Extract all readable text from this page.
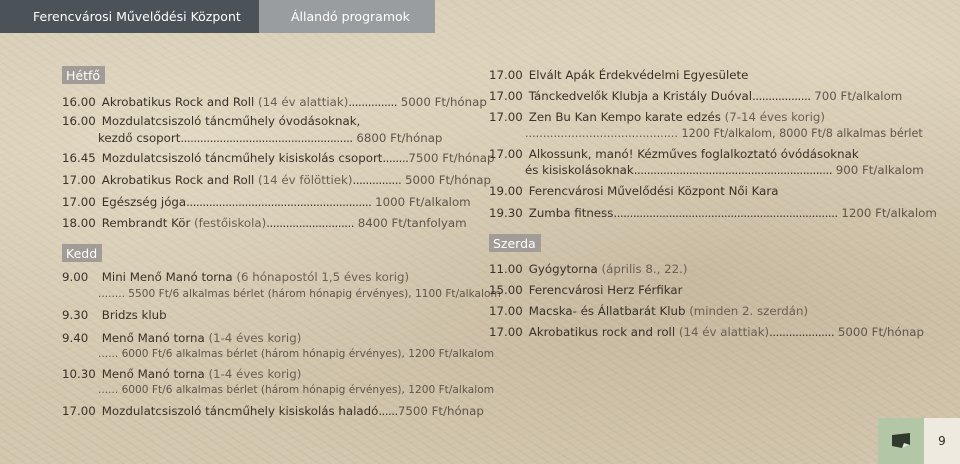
Ferencvárosi Művelődési Központ	Állandó programok
Hétfő
16.00 Akrobatikus Rock and Roll (14 év alattiak)............... 5000 Ft/hónap
16.00 Mozdulatcsiszoló táncműhely óvodásoknak,
kezdő csoport..................................................... 6800 Ft/hónap
16.45 Mozdulatcsiszoló táncműhely kisiskolás csoport........7500 Ft/hónap
17.00 Akrobatikus Rock and Roll (14 év fölöttiek)............... 5000 Ft/hónap
17.00 Egészség jóga......................................................... 1000 Ft/alkalom
18.00 Rembrandt Kör (festőiskola)........................... 8400 Ft/tanfolyam
Kedd
9.00 Mini Menő Manó torna (6 hónapostól 1,5 éves korig)
........ 5500 Ft/6 alkalmas bérlet (három hónapig érvényes), 1100 Ft/alkalom
9.30 Bridzs klub
9.40 Menő Manó torna (1-4 éves korig)
...... 6000 Ft/6 alkalmas bérlet (három hónapig érvényes), 1200 Ft/alkalom
10.30 Menő Manó torna (1-4 éves korig)
...... 6000 Ft/6 alkalmas bérlet (három hónapig érvényes), 1200 Ft/alkalom
17.00 Mozdulatcsiszoló táncműhely kisiskolás haladó......7500 Ft/hónap
17.00 Elvált Apák Érdekvédelmi Egyesülete
17.00 Tánckedvelők Klubja a Kristály Duóval.................. 700 Ft/alkalom
17.00 Zen Bu Kan Kempo karate edzés (7-14 éves korig)
........................................... 1200 Ft/alkalom, 8000 Ft/8 alkalmas bérlet
17.00 Alkossunk, manó! Kézműves foglalkoztató óvódásoknak
és kisiskolásoknak............................................................. 900 Ft/alkalom
19.00 Ferencvárosi Művelődési Központ Női Kara
19.30 Zumba fitness..................................................................... 1200 Ft/alkalom
Szerda
11.00 Gyógytorna (április 8., 22.)
15.00 Ferencvárosi Herz Férfikar
17.00 Macska- és Állatbarát Klub (minden 2. szerdán)
17.00 Akrobatikus rock and roll (14 év alattiak).................... 5000 Ft/hónap
9
